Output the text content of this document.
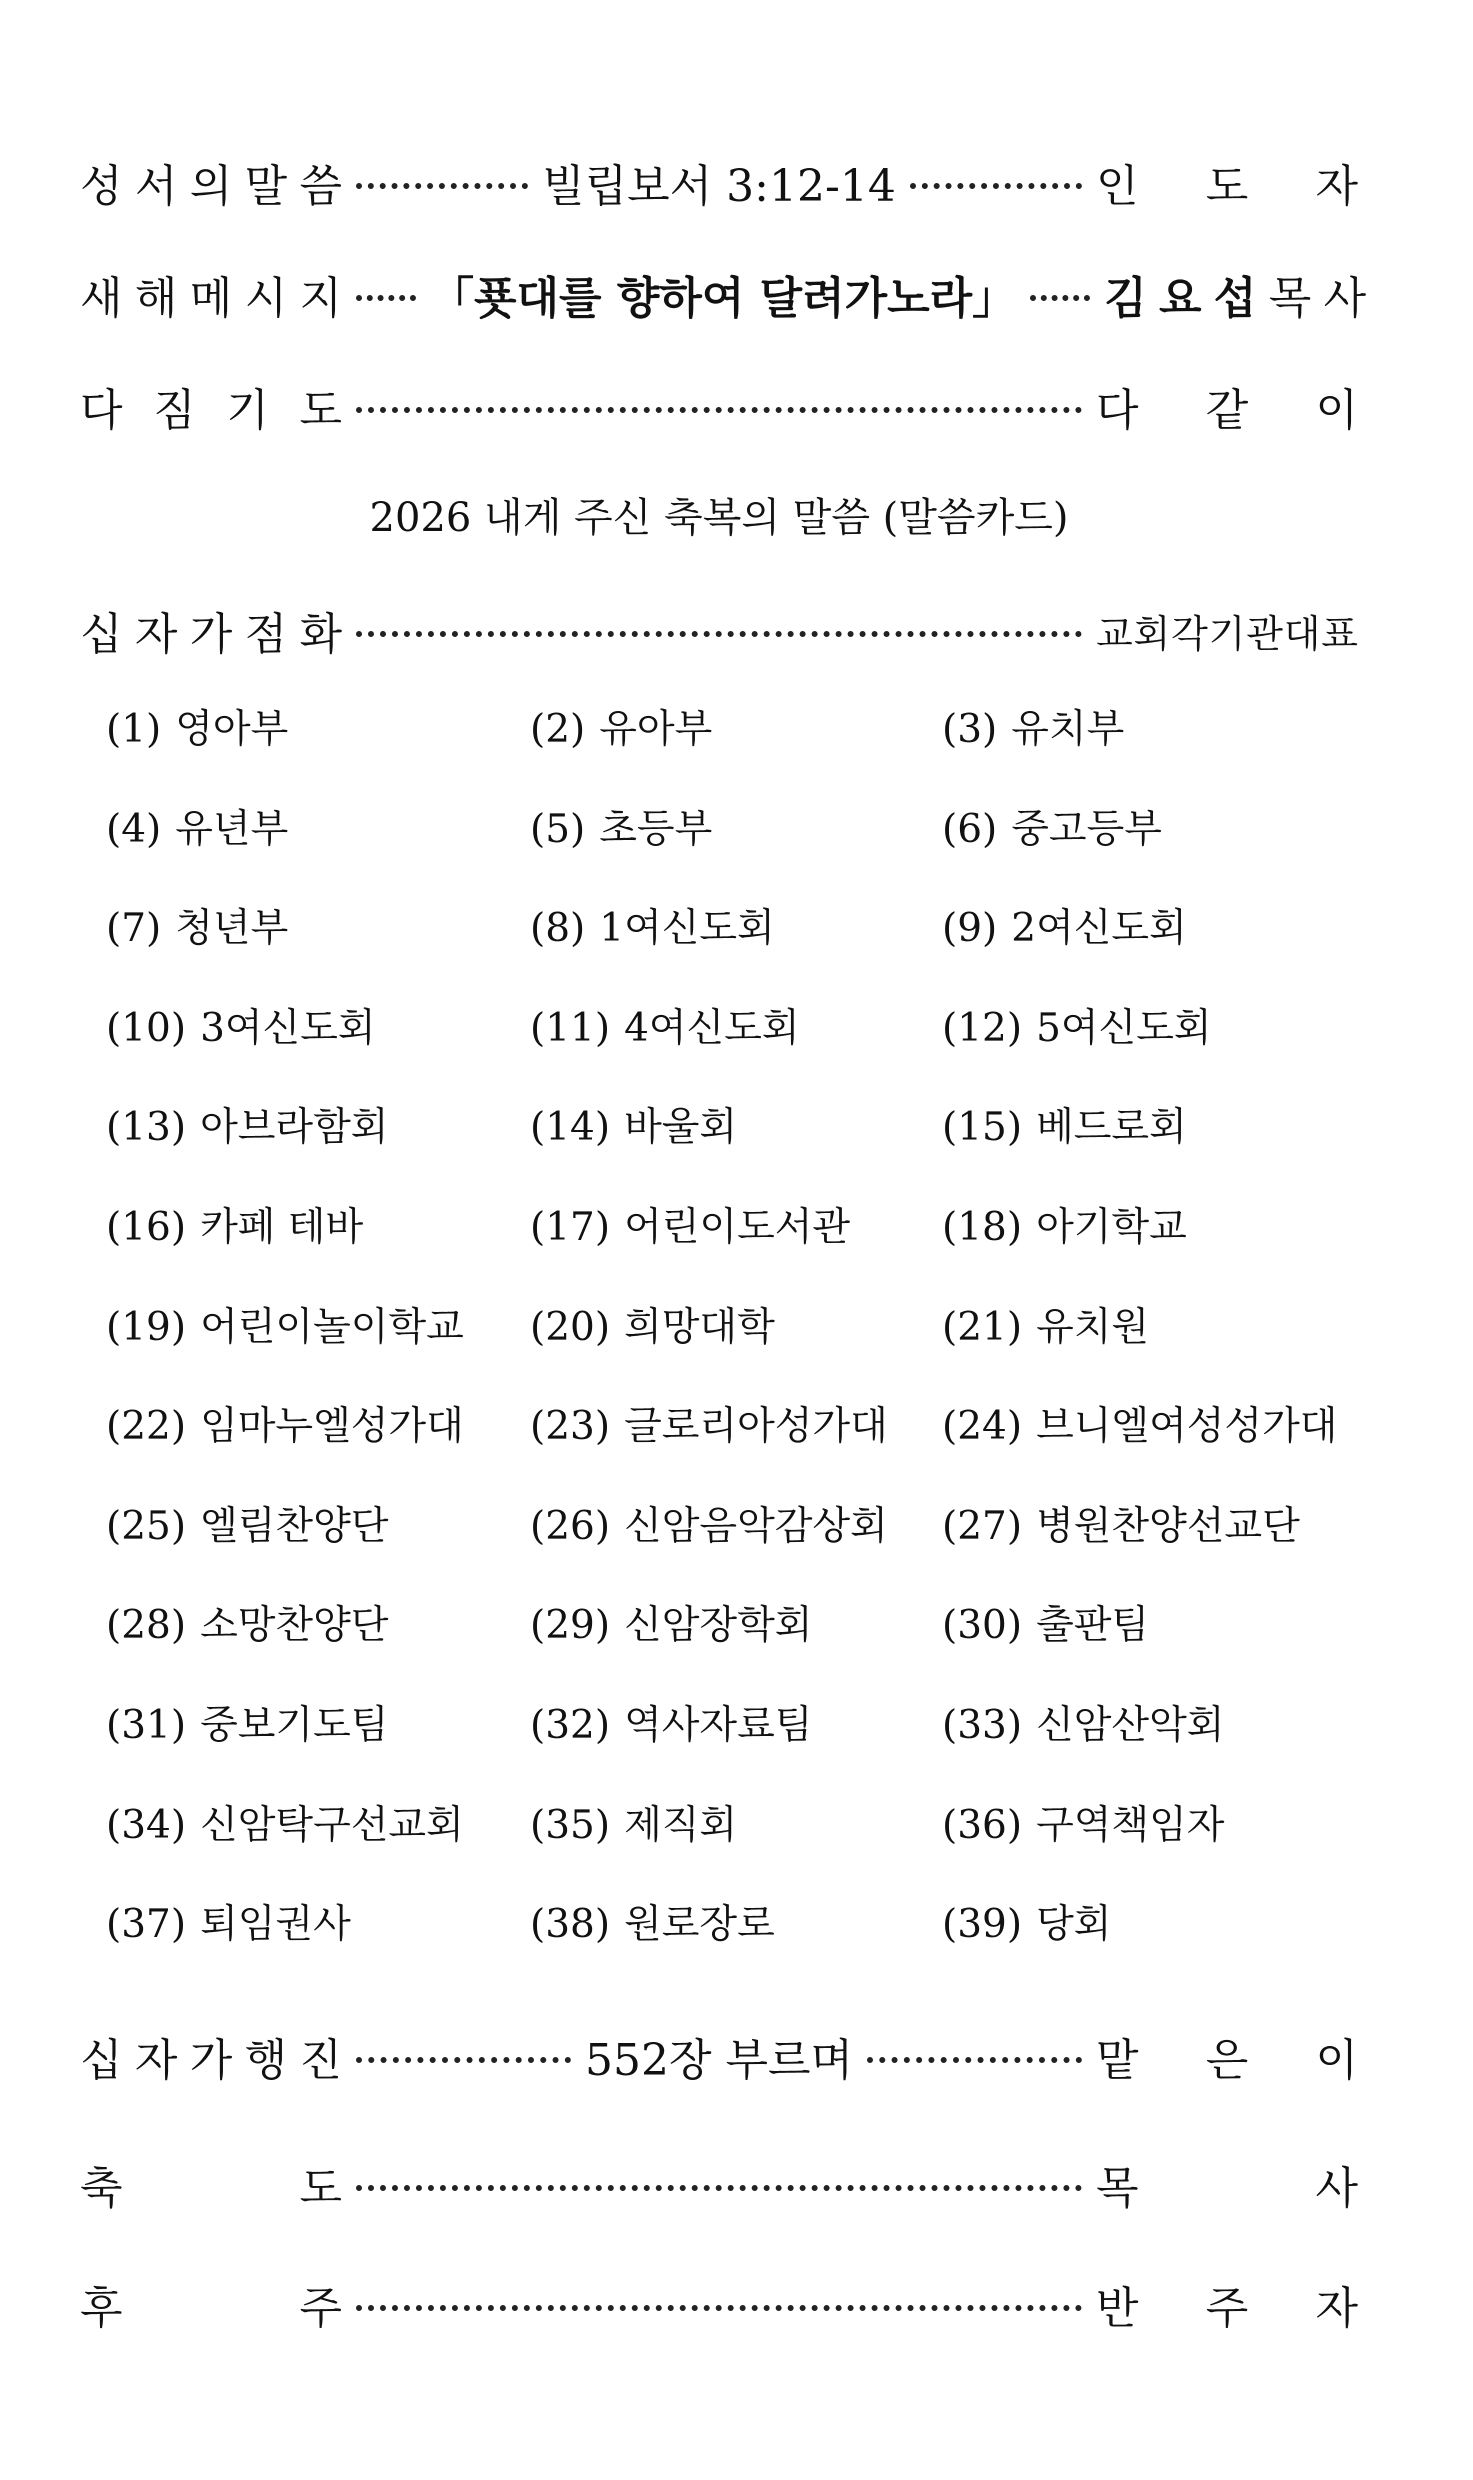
성 서 의 말 씀	빌립보서 3:12-14	인 도 자
새 해 메 시 지 「푯대를 향하여 달려가노라」 김 요 섭 목 사
다 짐 기 도	다 같 이
2026 내게 주신 축복의 말씀 (말씀카드)
십 자 가 점 화	교 회 각 기 관 대 표
(1) 영아부	(2) 유아부	(3) 유치부
(4) 유년부	(5) 초등부	(6) 중고등부
(7) 청년부	(8) 1여신도회	(9) 2여신도회
(10) 3여신도회	(11) 4여신도회	(12) 5여신도회
(13) 아브라함회	(14) 바울회	(15) 베드로회
(16) 카페 테바	(17) 어린이도서관 (18) 아기학교
(19) 어린이놀이학교 (20) 희망대학	(21) 유치원
(22) 임마누엘성가대 (23) 글로리아성가대 (24) 브니엘여성성가대
(25) 엘림찬양단	(26) 신암음악감상회 (27) 병원찬양선교단
(28) 소망찬양단	(29) 신암장학회	(30) 출판팀
(31) 중보기도팀	(32) 역사자료팀	(33) 신암산악회
(34) 신암탁구선교회 (35) 제직회	(36) 구역책임자
(37) 퇴임권사	(38) 원로장로	(39) 당회
십 자 가 행 진	552장 부르며	맡 은 이
축	도	목	사
후	주	반 주 자
